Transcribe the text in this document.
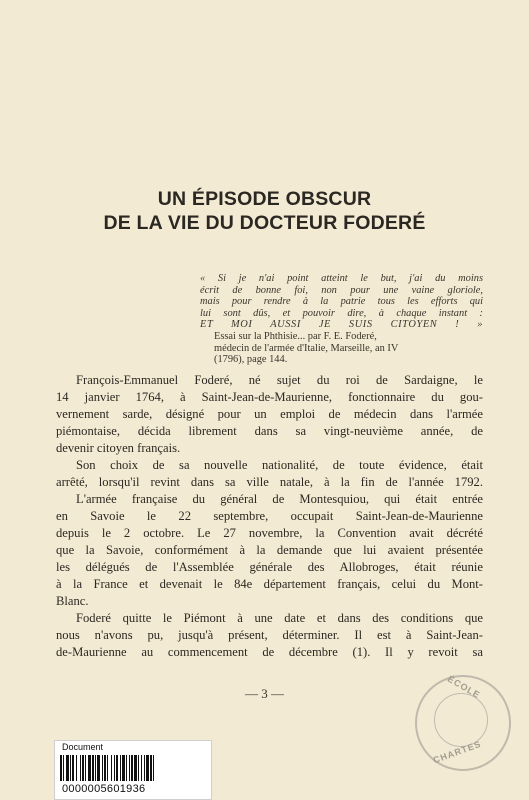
UN ÉPISODE OBSCUR
DE LA VIE DU DOCTEUR FODERÉ
« Si je n'ai point atteint le but, j'ai du moins
écrit de bonne foi, non pour une vaine gloriole,
mais pour rendre à la patrie tous les efforts qui
lui sont dûs, et pouvoir dire, à chaque instant :
ET MOI AUSSI JE SUIS CITOYEN ! »
Essai sur la Phthisie... par F. E. Foderé,
médecin de l'armée d'Italie, Marseille, an IV
(1796), page 144.
François-Emmanuel Foderé, né sujet du roi de Sardaigne, le
14 janvier 1764, à Saint-Jean-de-Maurienne, fonctionnaire du gou-
vernement sarde, désigné pour un emploi de médecin dans l'armée
piémontaise, décida librement dans sa vingt-neuvième année, de
devenir citoyen français.
Son choix de sa nouvelle nationalité, de toute évidence, était
arrêté, lorsqu'il revint dans sa ville natale, à la fin de l'année 1792.
L'armée française du général de Montesquiou, qui était entrée
en Savoie le 22 septembre, occupait Saint-Jean-de-Maurienne
depuis le 2 octobre. Le 27 novembre, la Convention avait décrété
que la Savoie, conformément à la demande que lui avaient présentée
les délégués de l'Assemblée générale des Allobroges, était réunie
à la France et devenait le 84e département français, celui du Mont-
Blanc.
Foderé quitte le Piémont à une date et dans des conditions que
nous n'avons pu, jusqu'à présent, déterminer. Il est à Saint-Jean-
de-Maurienne au commencement de décembre (1). Il y revoit sa
— 3 —	ÉCOLE
CHARTES
Document
0000005601936
